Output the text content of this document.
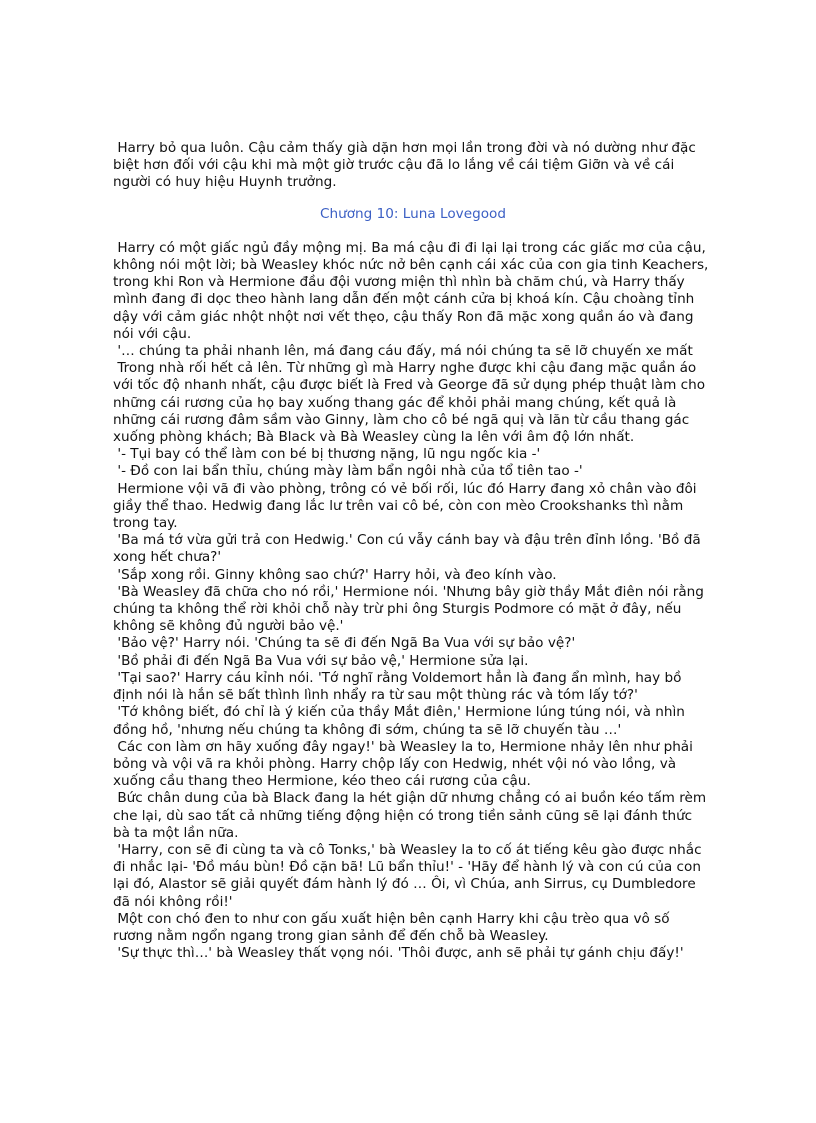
Harry bỏ qua luôn. Cậu cảm thấy già dặn hơn mọi lần trong đời và nó dường như đặc biệt hơn đối với cậu khi mà một giờ trước cậu đã lo lắng về cái tiệm Giỡn và về cái người có huy hiệu Huynh trưởng.

Chương 10: Luna Lovegood

Harry có một giấc ngủ đầy mộng mị. Ba má cậu đi đi lại lại trong các giấc mơ của cậu, không nói một lời; bà Weasley khóc nức nở bên cạnh cái xác của con gia tinh Keachers, trong khi Ron và Hermione đầu đội vương miện thì nhìn bà chăm chú, và Harry thấy mình đang đi dọc theo hành lang dẫn đến một cánh cửa bị khoá kín. Cậu choàng tỉnh dậy với cảm giác nhột nhột nơi vết thẹo, cậu thấy Ron đã mặc xong quần áo và đang nói với cậu.

'… chúng ta phải nhanh lên, má đang cáu đấy, má nói chúng ta sẽ lỡ chuyến xe mất

Trong nhà rối hết cả lên. Từ những gì mà Harry nghe được khi cậu đang mặc quần áo với tốc độ nhanh nhất, cậu được biết là Fred và George đã sử dụng phép thuật làm cho những cái rương của họ bay xuống thang gác để khỏi phải mang chúng, kết quả là những cái rương đâm sầm vào Ginny, làm cho cô bé ngã quị và lăn từ cầu thang gác xuống phòng khách; Bà Black và Bà Weasley cùng la lên với âm độ lớn nhất.

'- Tụi bay có thể làm con bé bị thương nặng, lũ ngu ngốc kia -'

'- Đồ con lai bẩn thỉu, chúng mày làm bẩn ngôi nhà của tổ tiên tao -'

Hermione vội vã đi vào phòng, trông có vẻ bối rối, lúc đó Harry đang xỏ chân vào đôi giầy thể thao. Hedwig đang lắc lư trên vai cô bé, còn con mèo Crookshanks thì nằm trong tay.

'Ba má tớ vừa gửi trả con Hedwig.' Con cú vẫy cánh bay và đậu trên đỉnh lồng. 'Bồ đã xong hết chưa?'

'Sắp xong rồi. Ginny không sao chứ?' Harry hỏi, và đeo kính vào.

'Bà Weasley đã chữa cho nó rồi,' Hermione nói. 'Nhưng bây giờ thầy Mắt điên nói rằng chúng ta không thể rời khỏi chỗ này trừ phi ông Sturgis Podmore có mặt ở đây, nếu không sẽ không đủ người bảo vệ.'

'Bảo vệ?' Harry nói. 'Chúng ta sẽ đi đến Ngã Ba Vua với sự bảo vệ?'

'Bồ phải đi đến Ngã Ba Vua với sự bảo vệ,' Hermione sửa lại.

'Tại sao?' Harry cáu kỉnh nói. 'Tớ nghĩ rằng Voldemort hẳn là đang ẩn mình, hay bồ định nói là hắn sẽ bất thình lình nhẩy ra từ sau một thùng rác và tóm lấy tớ?'

'Tớ không biết, đó chỉ là ý kiến của thầy Mắt điên,' Hermione lúng túng nói, và nhìn đồng hồ, 'nhưng nếu chúng ta không đi sớm, chúng ta sẽ lỡ chuyến tàu …'

Các con làm ơn hãy xuống đây ngay!' bà Weasley la to, Hermione nhảy lên như phải bỏng và vội vã ra khỏi phòng. Harry chộp lấy con Hedwig, nhét vội nó vào lồng, và xuống cầu thang theo Hermione, kéo theo cái rương của cậu.

Bức chân dung của bà Black đang la hét giận dữ nhưng chẳng có ai buồn kéo tấm rèm che lại, dù sao tất cả những tiếng động hiện có trong tiền sảnh cũng sẽ lại đánh thức bà ta một lần nữa.

'Harry, con sẽ đi cùng ta và cô Tonks,' bà Weasley la to cố át tiếng kêu gào được nhắc đi nhắc lại- 'Đồ máu bùn! Đồ cặn bã! Lũ bẩn thỉu!' - 'Hãy để hành lý và con cú của con lại đó, Alastor sẽ giải quyết đám hành lý đó … Ôi, vì Chúa, anh Sirrus, cụ Dumbledore đã nói không rồi!'

Một con chó đen to như con gấu xuất hiện bên cạnh Harry khi cậu trèo qua vô số rương nằm ngổn ngang trong gian sảnh để đến chỗ bà Weasley.

'Sự thực thì…' bà Weasley thất vọng nói. 'Thôi được, anh sẽ phải tự gánh chịu đấy!'
